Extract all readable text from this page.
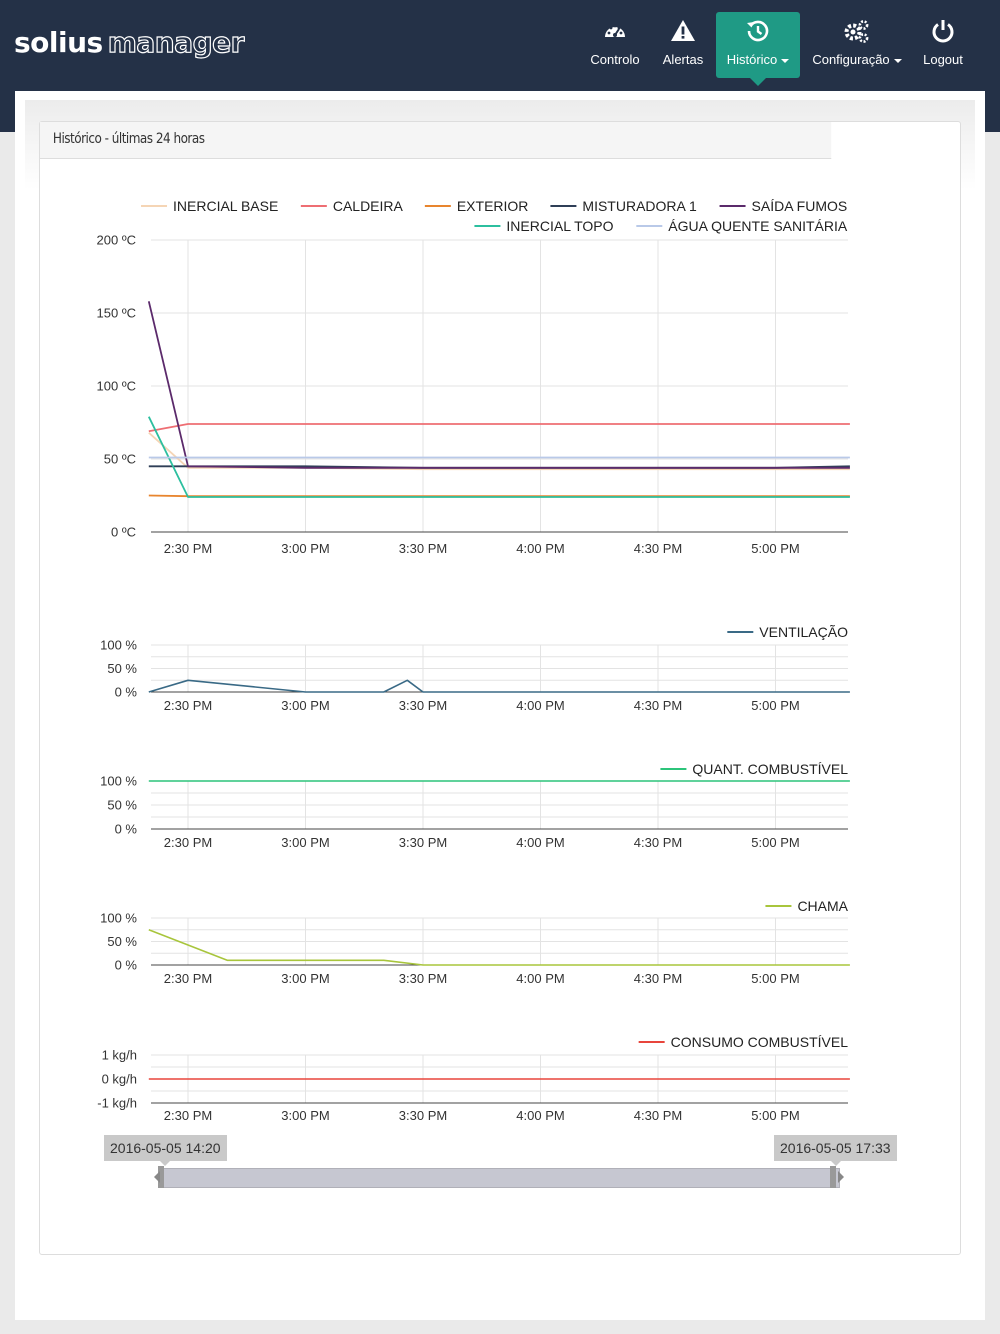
solius manager
Controlo	Alertas	Histórico	Configuração	Logout
Histórico - últimas 24 horas
200 ºC
150 ºC
100 ºC
50 ºC
0 ºC
2:30 PM	3:00 PM	3:30 PM	4:00 PM	4:30 PM	5:00 PM
SAÍDA FUMOS
MISTURADORA 1
EXTERIOR
CALDEIRA
INERCIAL BASE
ÁGUA QUENTE SANITÁRIA
INERCIAL TOPO
100 %
50 %
0 %
2:30 PM	3:00 PM	3:30 PM	4:00 PM	4:30 PM	5:00 PM
VENTILAÇÃO
100 %
50 %
0 %
2:30 PM	3:00 PM	3:30 PM	4:00 PM	4:30 PM	5:00 PM
QUANT. COMBUSTÍVEL
100 %
50 %
0 %
2:30 PM	3:00 PM	3:30 PM	4:00 PM	4:30 PM	5:00 PM
CHAMA
1 kg/h
0 kg/h
-1 kg/h
2:30 PM	3:00 PM	3:30 PM	4:00 PM	4:30 PM	5:00 PM
CONSUMO COMBUSTÍVEL
2016-05-05 14:20	2016-05-05 17:33
